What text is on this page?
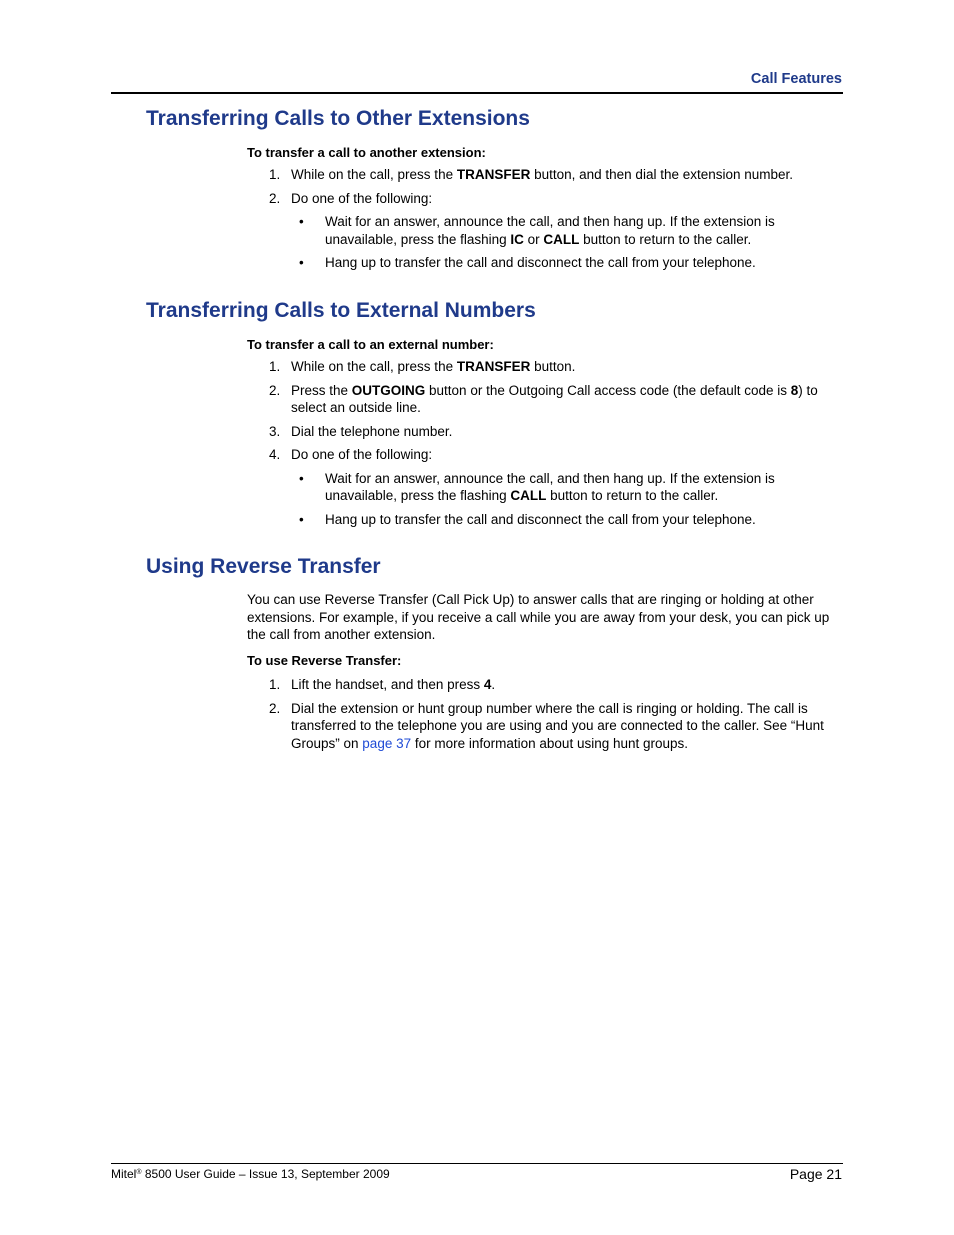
Call Features
Transferring Calls to Other Extensions

To transfer a call to another extension:

1. While on the call, press the TRANSFER button, and then dial the extension number.
2. Do one of the following:
• Wait for an answer, announce the call, and then hang up. If the extension is unavailable, press the flashing IC or CALL button to return to the caller.
• Hang up to transfer the call and disconnect the call from your telephone.
Transferring Calls to External Numbers

To transfer a call to an external number:

1. While on the call, press the TRANSFER button.
2. Press the OUTGOING button or the Outgoing Call access code (the default code is 8) to select an outside line.
3. Dial the telephone number.
4. Do one of the following:
• Wait for an answer, announce the call, and then hang up. If the extension is unavailable, press the flashing CALL button to return to the caller.
• Hang up to transfer the call and disconnect the call from your telephone.
Using Reverse Transfer
You can use Reverse Transfer (Call Pick Up) to answer calls that are ringing or holding at other extensions. For example, if you receive a call while you are away from your desk, you can pick up the call from another extension.

To use Reverse Transfer:

1. Lift the handset, and then press 4.
2. Dial the extension or hunt group number where the call is ringing or holding. The call is transferred to the telephone you are using and you are connected to the caller. See “Hunt Groups” on page 37 for more information about using hunt groups.
Mitel® 8500 User Guide – Issue 13, September 2009	Page 21
